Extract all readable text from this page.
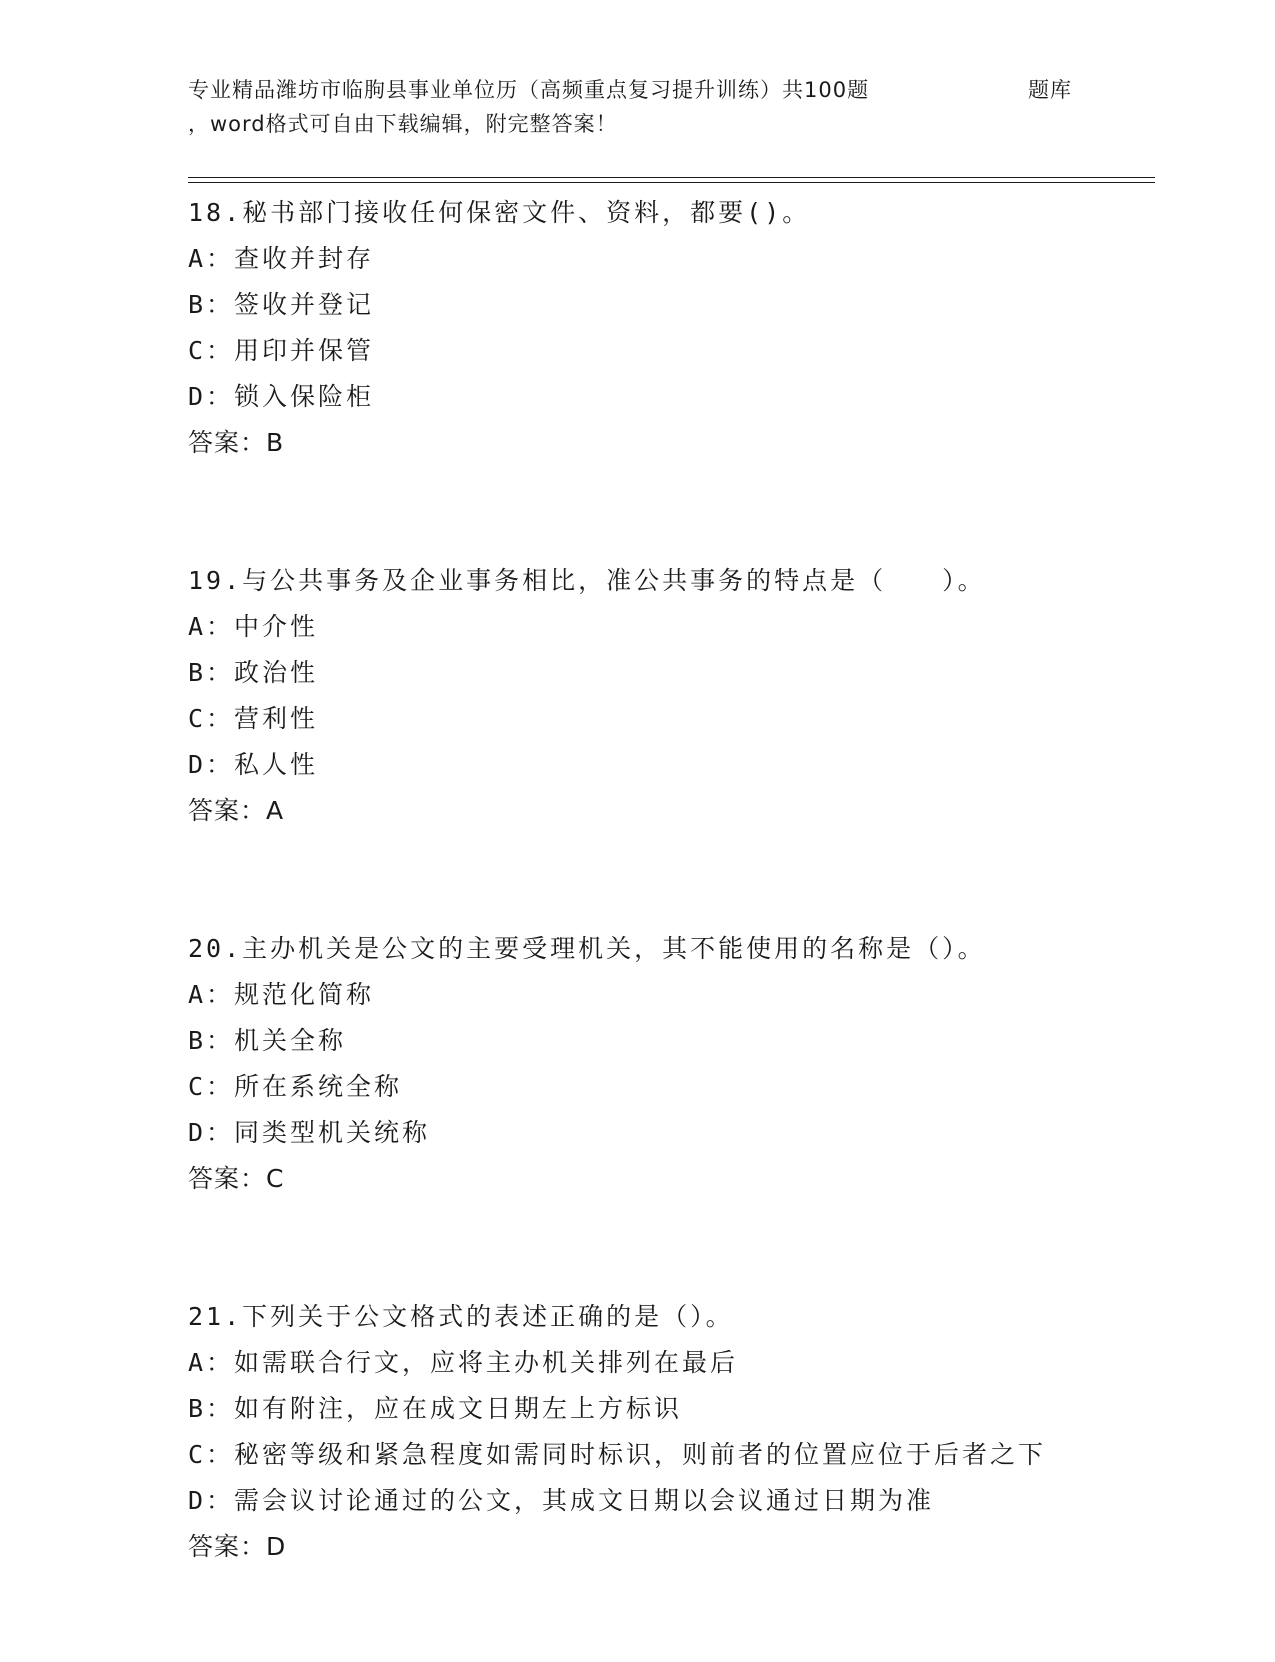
专业精品潍坊市临朐县事业单位历（高频重点复习提升训练）共100题	题库
，word格式可自由下载编辑，附完整答案！
18.秘书部门接收任何保密文件、资料，都要()。
A：查收并封存
B：签收并登记
C：用印并保管
D：锁入保险柜
答案：B
19.与公共事务及企业事务相比，准公共事务的特点是（　　）。
A：中介性
B：政治性
C：营利性
D：私人性
答案：A
20.主办机关是公文的主要受理机关，其不能使用的名称是（）。
A：规范化简称
B：机关全称
C：所在系统全称
D：同类型机关统称
答案：C
21.下列关于公文格式的表述正确的是（）。
A：如需联合行文，应将主办机关排列在最后
B：如有附注，应在成文日期左上方标识
C：秘密等级和紧急程度如需同时标识，则前者的位置应位于后者之下
D：需会议讨论通过的公文，其成文日期以会议通过日期为准
答案：D
